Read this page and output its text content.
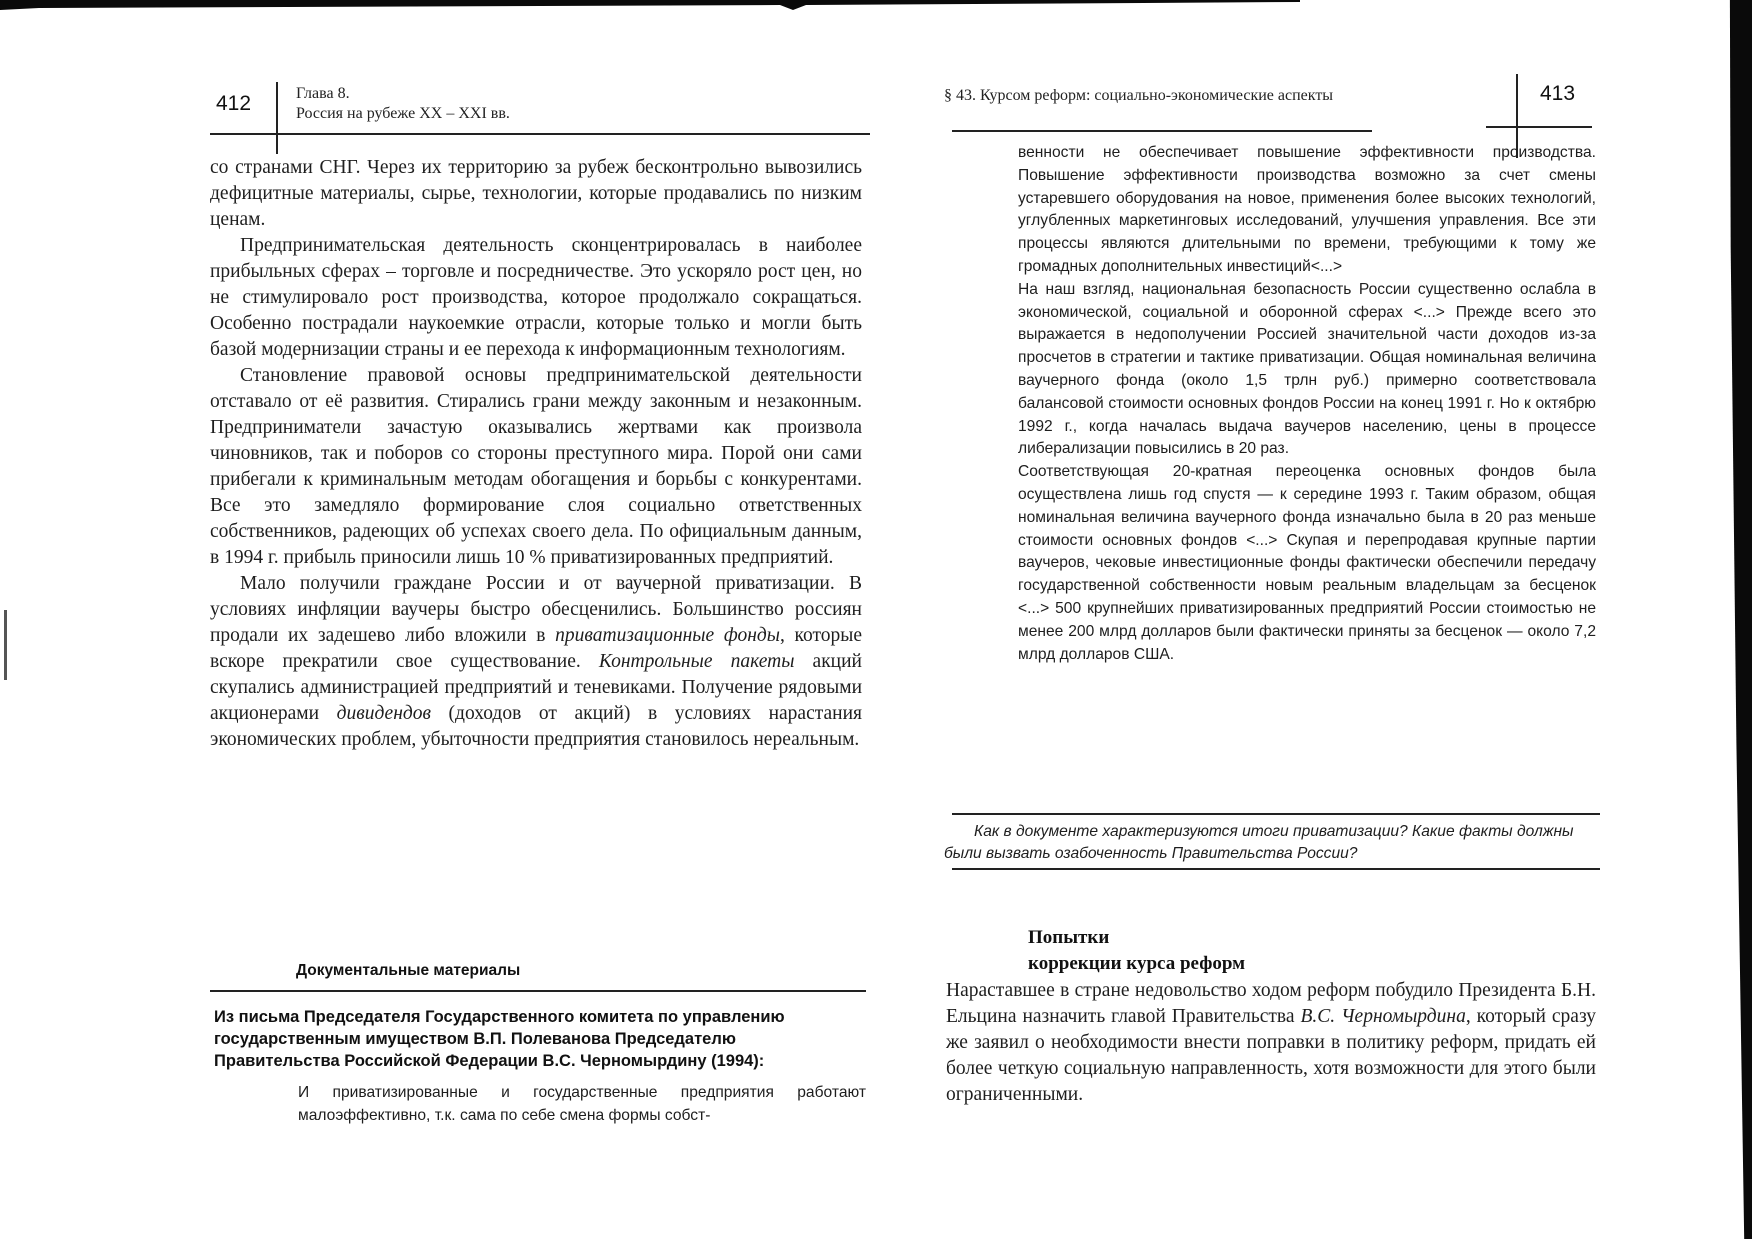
412	Глава 8.
Россия на рубеже XX – XXI вв.

со странами СНГ. Через их территорию за рубеж бесконтрольно вывозились дефицитные материалы, сырье, технологии, которые продавались по низким ценам.

Предпринимательская деятельность сконцентрировалась в наиболее прибыльных сферах – торговле и посредничестве. Это ускоряло рост цен, но не стимулировало рост производства, которое продолжало сокращаться. Особенно пострадали наукоемкие отрасли, которые только и могли быть базой модернизации страны и ее перехода к информационным технологиям.

Становление правовой основы предпринимательской деятельности отставало от её развития. Стирались грани между законным и незаконным. Предприниматели зачастую оказывались жертвами как произвола чиновников, так и поборов со стороны преступного мира. Порой они сами прибегали к криминальным методам обогащения и борьбы с конкурентами. Все это замедляло формирование слоя социально ответственных собственников, радеющих об успехах своего дела. По официальным данным, в 1994 г. прибыль приносили лишь 10 % приватизированных предприятий.

Мало получили граждане России и от ваучерной приватизации. В условиях инфляции ваучеры быстро обесценились. Большинство россиян продали их задешево либо вложили в приватизационные фонды, которые вскоре прекратили свое существование. Контрольные пакеты акций скупались администрацией предприятий и теневиками. Получение рядовыми акционерами дивидендов (доходов от акций) в условиях нарастания экономических проблем, убыточности предприятия становилось нереальным.

Документальные материалы
Из письма Председателя Государственного комитета по управлению государственным имуществом В.П. Полеванова Председателю Правительства Российской Федерации В.С. Черномырдину (1994):
И приватизированные и государственные предприятия работают малоэффективно, т.к. сама по себе смена формы собст-
§ 43. Курсом реформ: социально-экономические аспекты	413

венности не обеспечивает повышение эффективности производства. Повышение эффективности производства возможно за счет смены устаревшего оборудования на новое, применения более высоких технологий, углубленных маркетинговых исследований, улучшения управления. Все эти процессы являются длительными по времени, требующими к тому же громадных дополнительных инвестиций<...>

На наш взгляд, национальная безопасность России существенно ослабла в экономической, социальной и оборонной сферах <...> Прежде всего это выражается в недополучении Россией значительной части доходов из-за просчетов в стратегии и тактике приватизации. Общая номинальная величина ваучерного фонда (около 1,5 трлн руб.) примерно соответствовала балансовой стоимости основных фондов России на конец 1991 г. Но к октябрю 1992 г., когда началась выдача ваучеров населению, цены в процессе либерализации повысились в 20 раз.

Соответствующая 20-кратная переоценка основных фондов была осуществлена лишь год спустя — к середине 1993 г. Таким образом, общая номинальная величина ваучерного фонда изначально была в 20 раз меньше стоимости основных фондов <...> Скупая и перепродавая крупные партии ваучеров, чековые инвестиционные фонды фактически обеспечили передачу государственной собственности новым реальным владельцам за бесценок <...> 500 крупнейших приватизированных предприятий России стоимостью не менее 200 млрд долларов были фактически приняты за бесценок — около 7,2 млрд долларов США.

Как в документе характеризуются итоги приватизации? Какие факты должны были вызвать озабоченность Правительства России?
Попытки
коррекции курса реформ

Нараставшее в стране недовольство ходом реформ побудило Президента Б.Н. Ельцина назначить главой Правительства В.С. Черномырдина, который сразу же заявил о необходимости внести поправки в политику реформ, придать ей более четкую социальную направленность, хотя возможности для этого были ограниченными.
